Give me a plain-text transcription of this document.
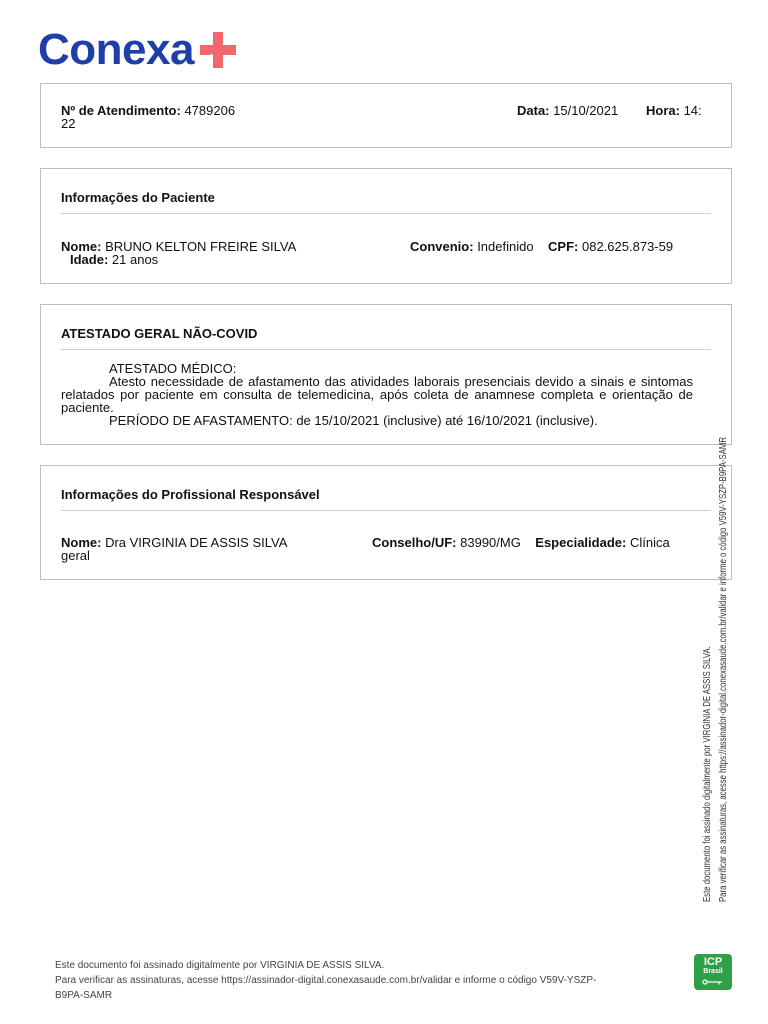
Conexa
Nº de Atendimento: 4789206
22
Data: 15/10/2021 Hora: 14:
Informações do Paciente
Nome: BRUNO KELTON FREIRE SILVA	Convenio: Indefinido CPF: 082.625.873-59
Idade: 21 anos
ATESTADO GERAL NÃO-COVID
ATESTADO MÉDICO:
Atesto necessidade de afastamento das atividades laborais presenciais devido a sinais e sintomas relatados por paciente em consulta de telemedicina, após coleta de anamnese completa e orientação de paciente.
PERÍODO DE AFASTAMENTO: de 15/10/2021 (inclusive) até 16/10/2021 (inclusive).
Informações do Profissional Responsável
Nome: Dra VIRGINIA DE ASSIS SILVA	Conselho/UF: 83990/MG Especialidade: Clínica
geral
Este documento foi assinado digitalmente por VIRGINIA DE ASSIS SILVA. Para verificar as assinaturas, acesse https://assinador-digital.conexasaude.com.br/validar e informe o código V59V-YSZP-B9PA-SAMR
Este documento foi assinado digitalmente por VIRGINIA DE ASSIS SILVA.
Para verificar as assinaturas, acesse https://assinador-digital.conexasaude.com.br/validar e informe o código V59V-YSZP-
B9PA-SAMR
ICP
Brasil
